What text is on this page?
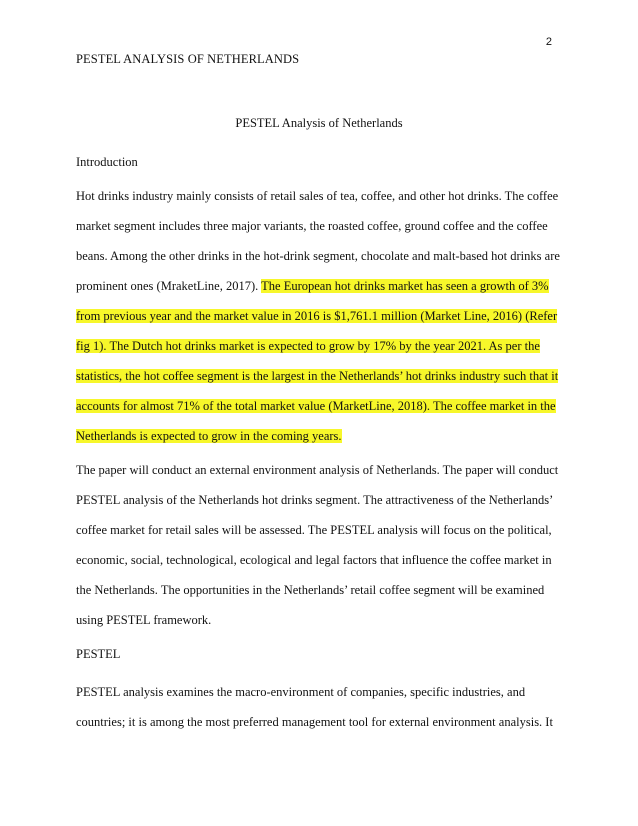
2
PESTEL ANALYSIS OF NETHERLANDS
PESTEL Analysis of Netherlands
Introduction
Hot drinks industry mainly consists of retail sales of tea, coffee, and other hot drinks. The coffee
market segment includes three major variants, the roasted coffee, ground coffee and the coffee
beans. Among the other drinks in the hot-drink segment, chocolate and malt-based hot drinks are
prominent ones (MraketLine, 2017). The European hot drinks market has seen a growth of 3%
from previous year and the market value in 2016 is $1,761.1 million (Market Line, 2016) (Refer
fig 1). The Dutch hot drinks market is expected to grow by 17% by the year 2021. As per the
statistics, the hot coffee segment is the largest in the Netherlands’ hot drinks industry such that it
accounts for almost 71% of the total market value (MarketLine, 2018). The coffee market in the
Netherlands is expected to grow in the coming years.
The paper will conduct an external environment analysis of Netherlands. The paper will conduct
PESTEL analysis of the Netherlands hot drinks segment. The attractiveness of the Netherlands’
coffee market for retail sales will be assessed. The PESTEL analysis will focus on the political,
economic, social, technological, ecological and legal factors that influence the coffee market in
the Netherlands. The opportunities in the Netherlands’ retail coffee segment will be examined
using PESTEL framework.
PESTEL
PESTEL analysis examines the macro-environment of companies, specific industries, and
countries; it is among the most preferred management tool for external environment analysis. It
